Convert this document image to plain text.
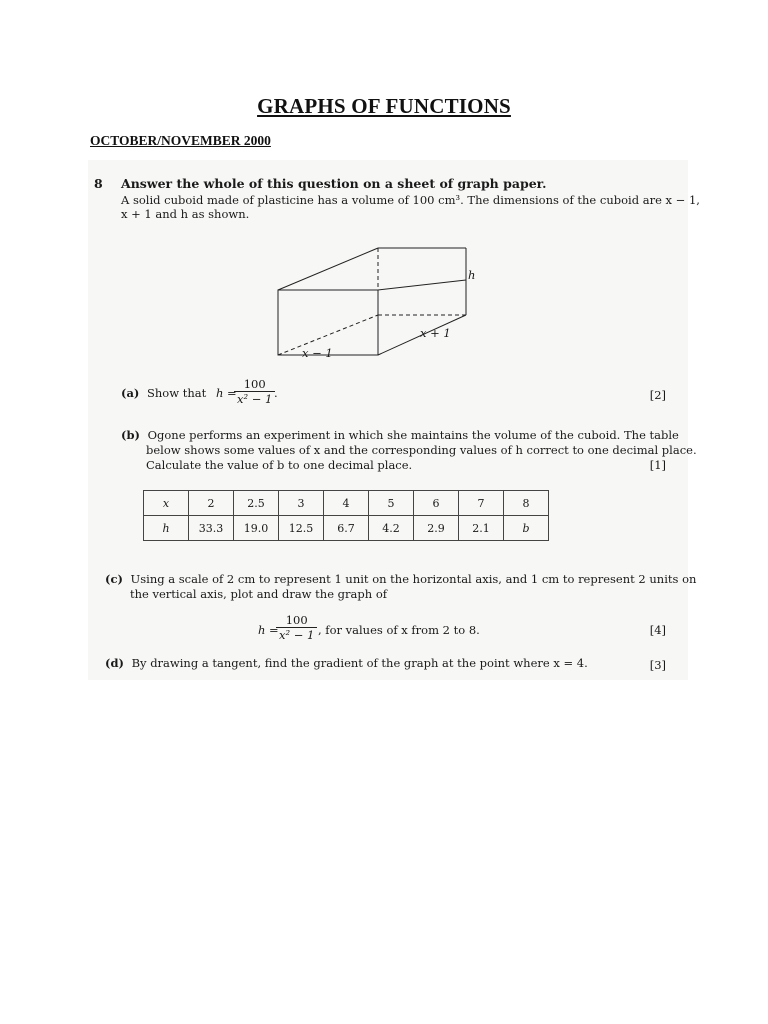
GRAPHS OF FUNCTIONS
OCTOBER/NOVEMBER 2000
8 Answer the whole of this question on a sheet of graph paper.
A solid cuboid made of plasticine has a volume of 100 cm³. The dimensions of the cuboid are x − 1,
x + 1 and h as shown.
h
x + 1
x − 1
(a) Show that h =
$\frac{100}{\text{x² − 1}}$
.	[2]
(b) Ogone performs an experiment in which she maintains the volume of the cuboid. The table
below shows some values of x and the corresponding values of h correct to one decimal place.
Calculate the value of b to one decimal place.	[1]
x	2	2.5	3	4	5	6	7	8
h	33.3	19.0	12.5	6.7	4.2	2.9	2.1	b
(c) Using a scale of 2 cm to represent 1 unit on the horizontal axis, and 1 cm to represent 2 units on
the vertical axis, plot and draw the graph of
h =
$\frac{100}{\text{x² − 1}}$ , for values of x from 2 to 8.	[4]
(d) By drawing a tangent, find the gradient of the graph at the point where x = 4.	[3]
